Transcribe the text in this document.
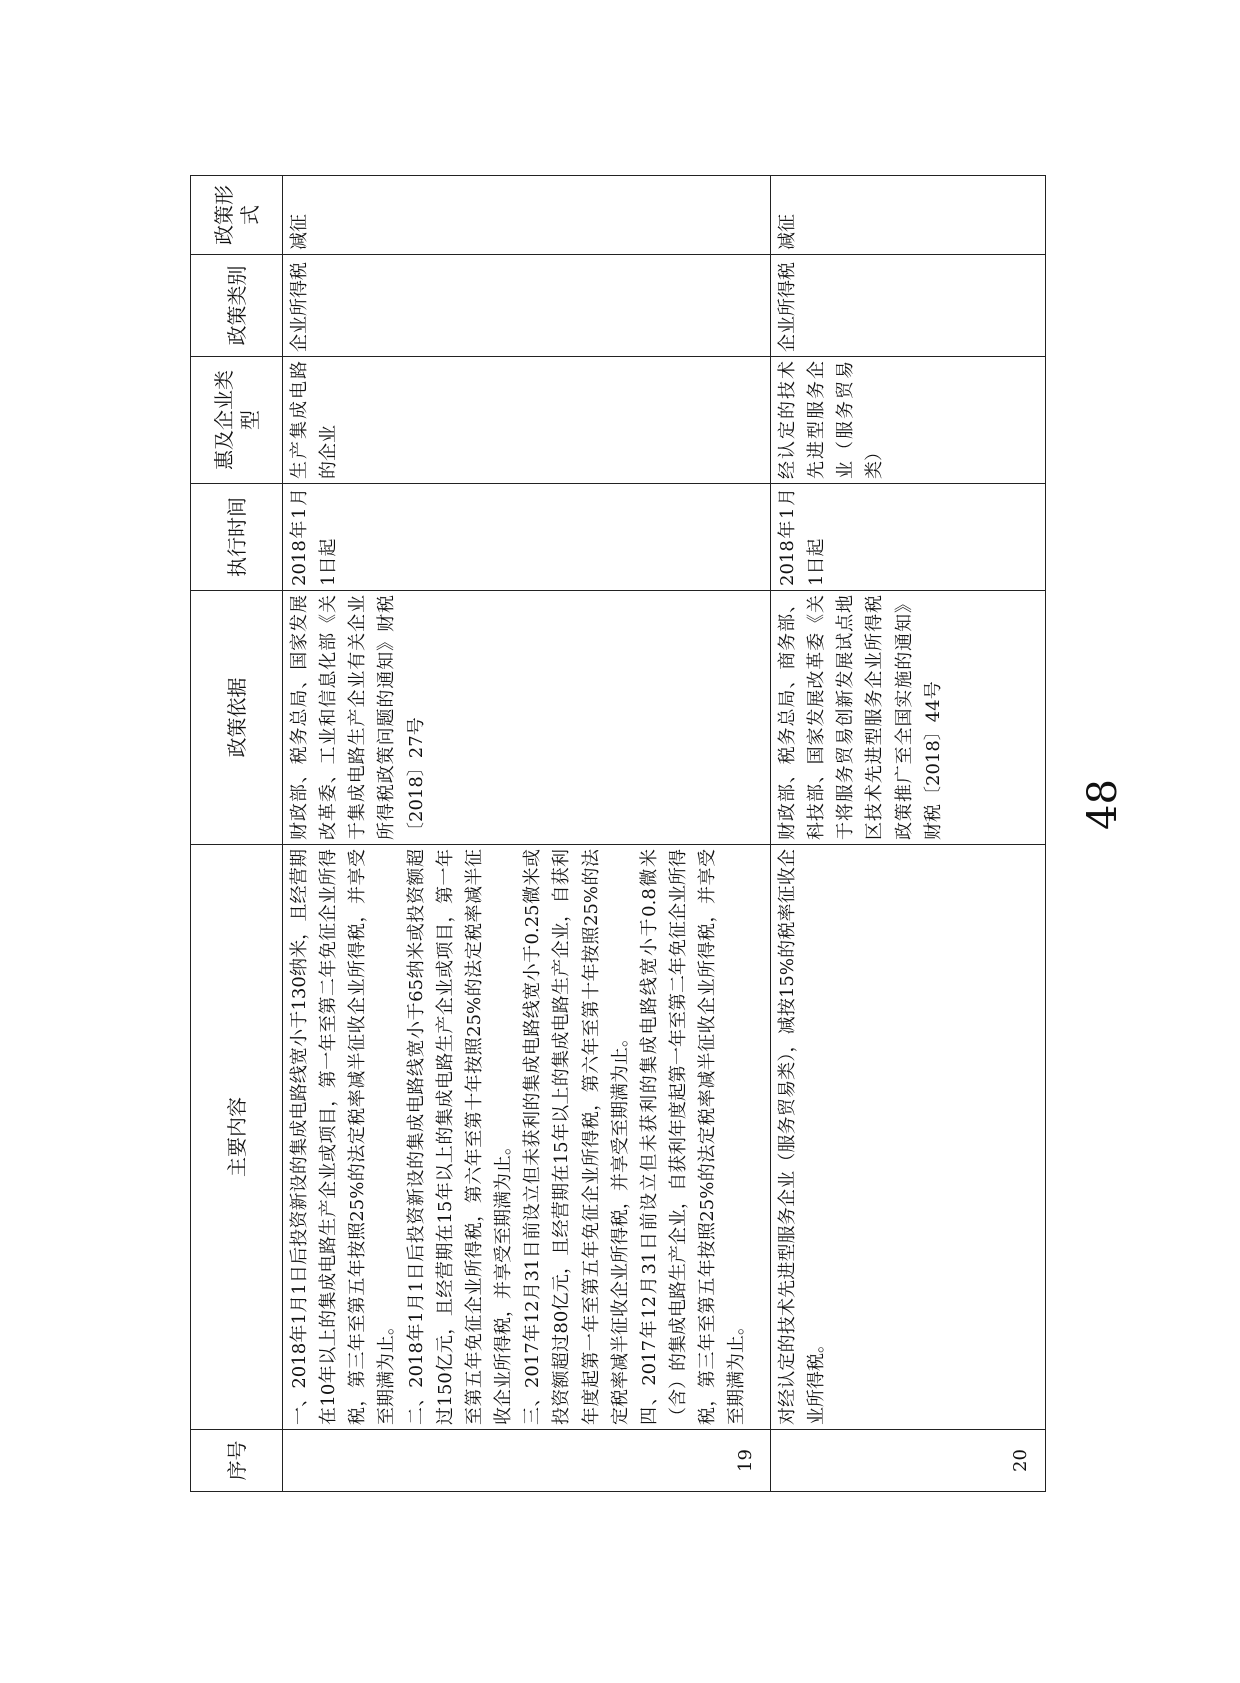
序号	主要内容	政策依据	执行时间	惠及企业类型	政策类别	政策形式
19	一、2018年1月1日后投资新设的集成电路线宽小于130纳米，且经营期在10年以上的集成电路生产企业或项目，第一年至第二年免征企业所得税，第三年至第五年按照25%的法定税率减半征收企业所得税，并享受至期满为止。 二、2018年1月1日后投资新设的集成电路线宽小于65纳米或投资额超过150亿元，且经营期在15年以上的集成电路生产企业或项目，第一年至第五年免征企业所得税，第六年至第十年按照25%的法定税率减半征收企业所得税，并享受至期满为止。 三、2017年12月31日前设立但未获利的集成电路线宽小于0.25微米或投资额超过80亿元，且经营期在15年以上的集成电路生产企业，自获利年度起第一年至第五年免征企业所得税，第六年至第十年按照25%的法定税率减半征收企业所得税，并享受至期满为止。 四、2017年12月31日前设立但未获利的集成电路线宽小于0.8微米（含）的集成电路生产企业，自获利年度起第一年至第二年免征企业所得税，第三年至第五年按照25%的法定税率减半征收企业所得税，并享受至期满为止。	财政部、税务总局、国家发展改革委、工业和信息化部《关于集成电路生产企业有关企业所得税政策问题的通知》财税〔2018〕27号	2018年1月1日起	生产集成电路的企业	企业所得税	减征
20	对经认定的技术先进型服务企业（服务贸易类），减按15%的税率征收企业所得税。	财政部、税务总局、商务部、科技部、国家发展改革委《关于将服务贸易创新发展试点地区技术先进型服务企业所得税政策推广至全国实施的通知》财税〔2018〕44号	2018年1月1日起	经认定的技术先进型服务企业（服务贸易类）	企业所得税	减征
48
